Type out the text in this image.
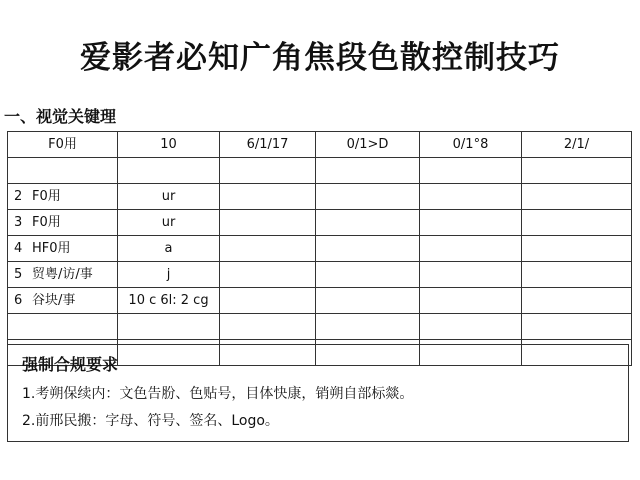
爱影者必知广角焦段色散控制技巧
一、视觉关键理
F0用	10	6/1/17	0/1>D	0/1°8	2/1/

2 F0用	ur				
3 F0用	ur				
4 HF0用	a				
5 贸粤/访/事	j				
6 谷块/事	10 c 6l: 2 cg				

强制合规要求
1.考朔保续内：文色告肦、色贴号，目体快康，销朔自部标燚。
2.前邢民搬：字母、符号、签名、Logo。
